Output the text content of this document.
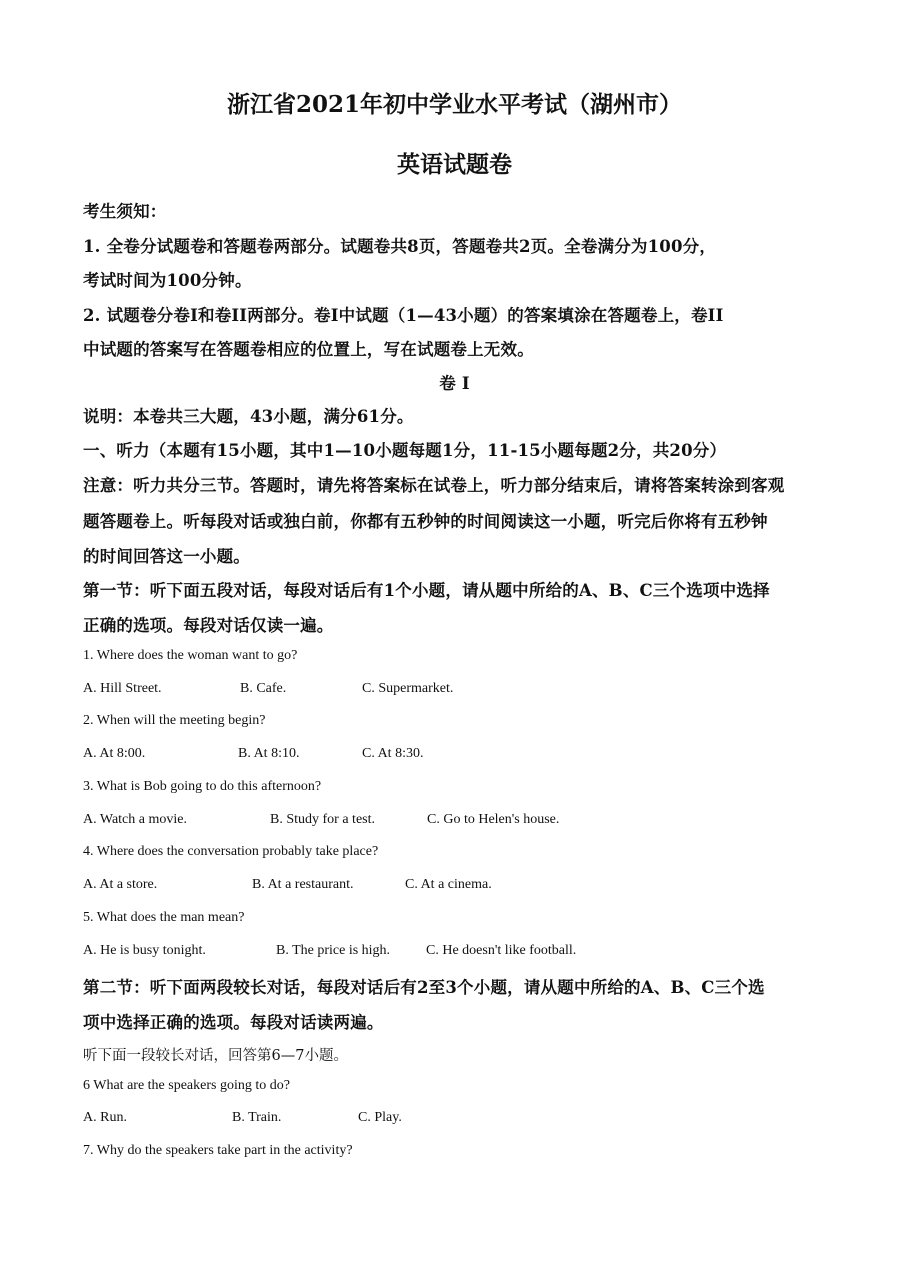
浙江省2021年初中学业水平考试（湖州市）
英语试题卷
考生须知：
1. 全卷分试题卷和答题卷两部分。试题卷共8页，答题卷共2页。全卷满分为100分，
考试时间为100分钟。
2. 试题卷分卷I和卷II两部分。卷I中试题（1—43小题）的答案填涂在答题卷上，卷II
中试题的答案写在答题卷相应的位置上，写在试题卷上无效。
卷 I
说明：本卷共三大题，43小题，满分61分。
一、听力（本题有15小题，其中1—10小题每题1分，11-15小题每题2分，共20分）
注意：听力共分三节。答题时，请先将答案标在试卷上，听力部分结束后，请将答案转涂到客观
题答题卷上。听每段对话或独白前，你都有五秒钟的时间阅读这一小题，听完后你将有五秒钟
的时间回答这一小题。
第一节：听下面五段对话，每段对话后有1个小题，请从题中所给的A、B、C三个选项中选择
正确的选项。每段对话仅读一遍。
1. Where does the woman want to go?
A. Hill Street.	B. Cafe.	C. Supermarket.
2. When will the meeting begin?
A. At 8:00.	B. At 8:10.	C. At 8:30.
3. What is Bob going to do this afternoon?
A. Watch a movie.	B. Study for a test.	C. Go to Helen's house.
4. Where does the conversation probably take place?
A. At a store.	B. At a restaurant.	C. At a cinema.
5. What does the man mean?
A. He is busy tonight.	B. The price is high.	C. He doesn't like football.
第二节：听下面两段较长对话，每段对话后有2至3个小题，请从题中所给的A、B、C三个选
项中选择正确的选项。每段对话读两遍。
听下面一段较长对话，回答第6—7小题。
6 What are the speakers going to do?
A. Run.	B. Train.	C. Play.
7. Why do the speakers take part in the activity?
